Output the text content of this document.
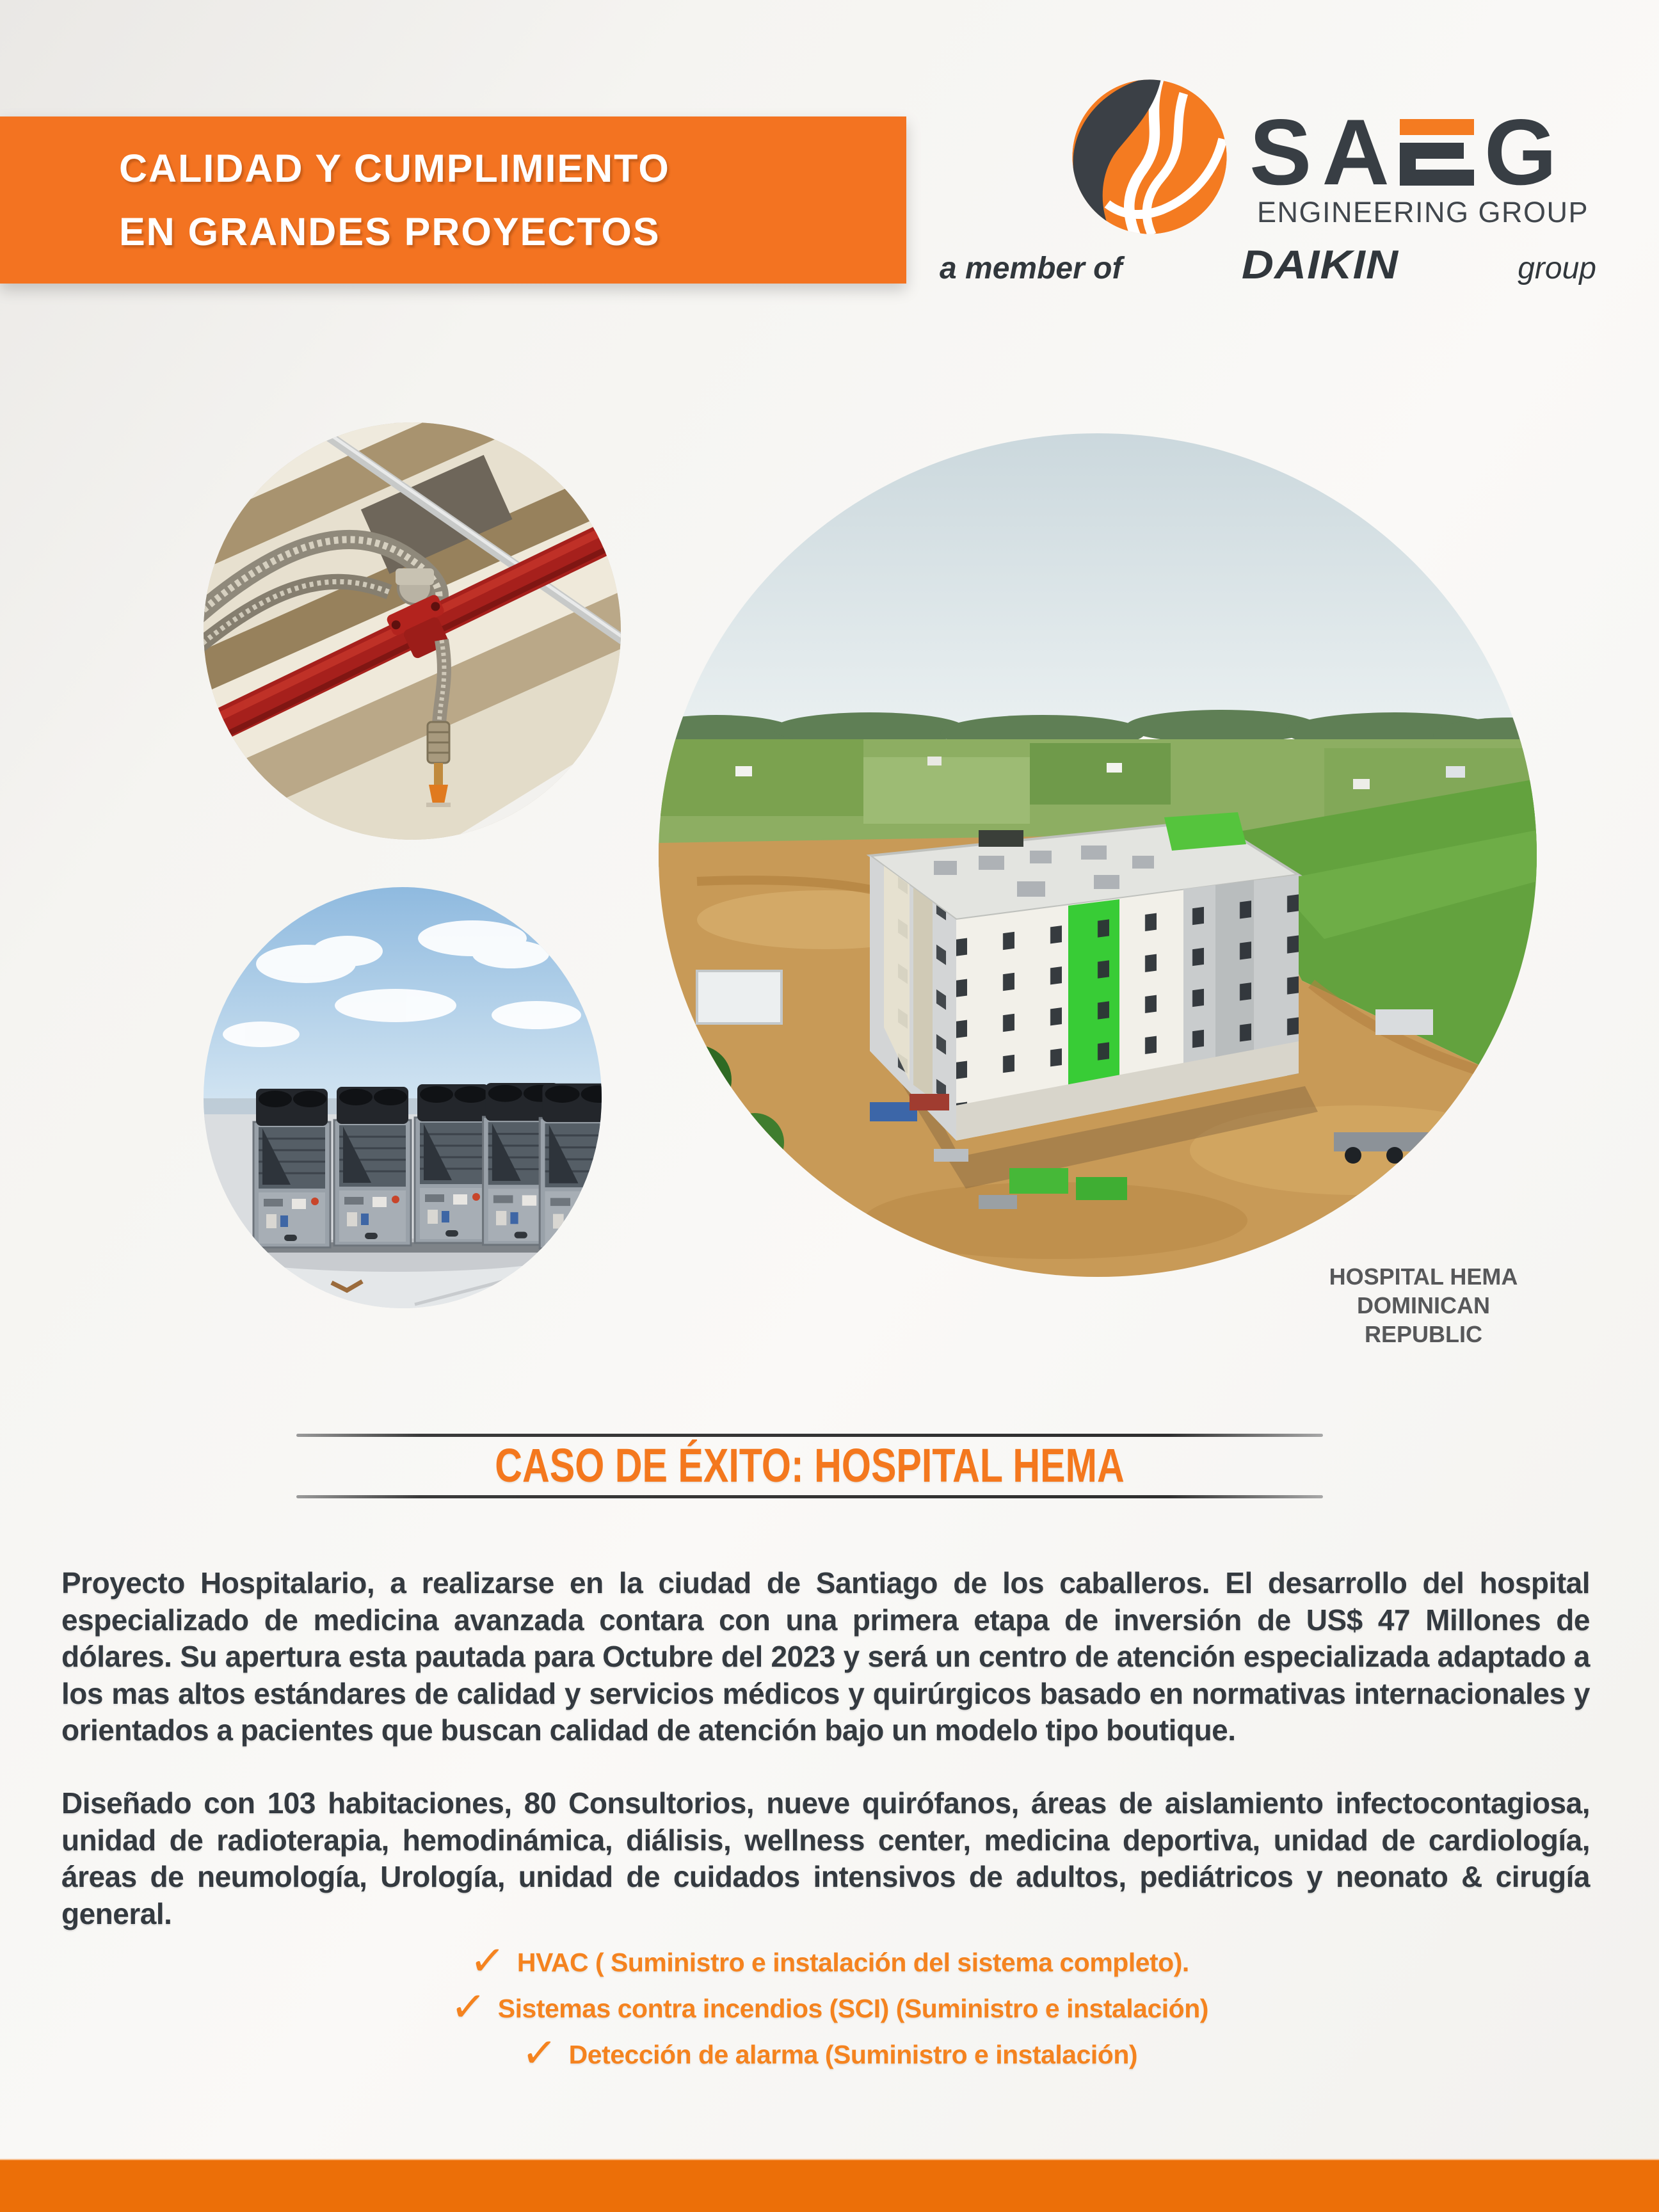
CALIDAD Y CUMPLIMIENTO
EN GRANDES PROYECTOS
S A G
ENGINEERING GROUP
a member of	DAIKIN	group
HOSPITAL HEMA
DOMINICAN REPUBLIC
CASO DE ÉXITO: HOSPITAL HEMA
Proyecto Hospitalario, a realizarse en la ciudad de Santiago de los caballeros. El desarrollo del hospital especializado de medicina avanzada contara con una primera etapa de inversión de US$ 47 Millones de dólares. Su apertura esta pautada para Octubre del 2023 y será un centro de atención especializada adaptado a los mas altos estándares de calidad y servicios médicos y quirúrgicos basado en normativas internacionales y orientados a pacientes que buscan calidad de atención bajo un modelo tipo boutique.
Diseñado con 103 habitaciones, 80 Consultorios, nueve quirófanos, áreas de aislamiento infectocontagiosa, unidad de radioterapia, hemodinámica, diálisis, wellness center, medicina deportiva, unidad de cardiología, áreas de neumología, Urología, unidad de cuidados intensivos de adultos, pediátricos y neonato & cirugía general.
✓ HVAC ( Suministro e instalación del sistema completo).
✓ Sistemas contra incendios (SCI) (Suministro e instalación)
✓ Detección de alarma (Suministro e instalación)
